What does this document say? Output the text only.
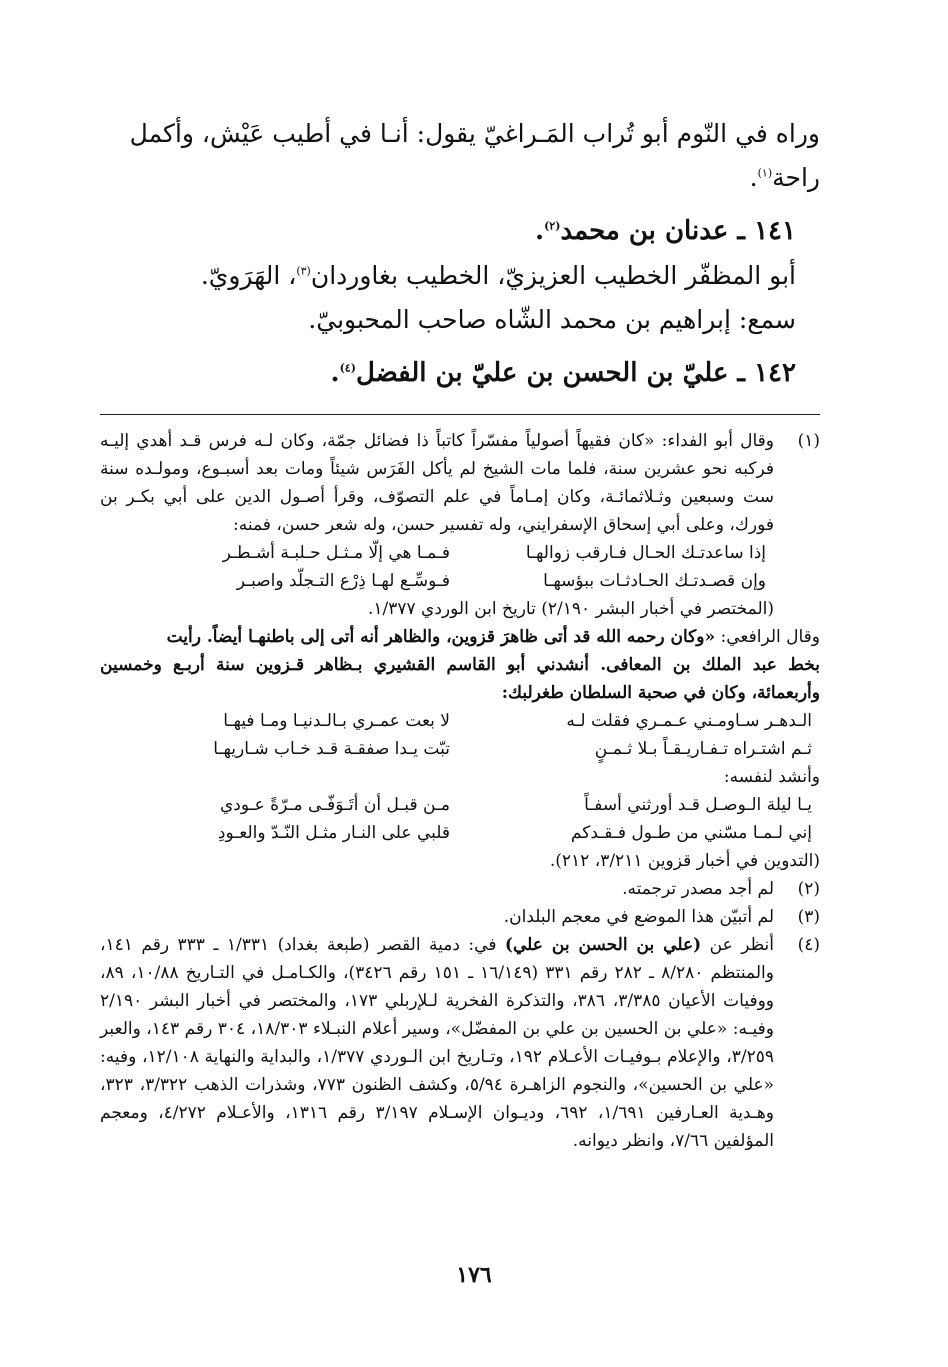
وراه في النّوم أبو تُراب المَـراغيّ يقول: أنـا في أطيب عَيْش، وأكمل

راحة$^{(١)}$.

١٤١ ـ عدنان بن محمد$^{(٢)}$.

أبو المظفّر الخطيب العزيزيّ، الخطيب بغاوردان$^{(٣)}$، الهَرَويّ.

سمع: إبراهيم بن محمد الشّاه صاحب المحبوبيّ.

١٤٢ ـ عليّ بن الحسن بن عليّ بن الفضل$^{(٤)}$.

(١)

وقال أبو الفداء: «كان فقيهاً أصولياً مفسّراً كاتباً ذا فضائل جمّة، وكان لـه فرس قـد أهدي إليـه فركبه نحو عشرين سنة، فلما مات الشيخ لم يأكل الفَرَس شيئاً ومات بعد أسبـوع، ومولـده سنة ست وسبعين وثـلاثمائـة، وكان إمـاماً في علم التصوّف، وقرأ أصـول الدين على أبي بكـر بن فورك، وعلى أبي إسحاق الإسفرايني، وله تفسير حسن، وله شعر حسن، فمنه:

إذا ساعدتـك الحـال فـارقب زوالهـا
فـمـا هي إلّا مـثـل حـلبـة أشـطـر
وإن قصـدتـك الحـادثـات ببؤسهـا
فـوسِّـع لهـا ذِرْع التـجلّد واصبـر

(المختصر في أخبار البشر ٢/١٩٠) تاريخ ابن الوردي ١/٣٧٧.

وقال الرافعي: «وكان رحمه الله قد أتى ظاهرَ قزوين، والظاهر أنه أتى إلى باطنهـا أيضاً. رأيت

بخط عبد الملك بن المعافى. أنشدني أبو القاسم القشيري بـظاهر قـزوين سنة أربـع وخمسين وأربعمائة، وكان في صحبة السلطان طغرلبك:

الـدهـر سـاومـني عـمـري فقلت لـه
لا بعت عمـري بـالـدنيـا ومـا فيهـا
ثـم اشتـراه تـفـاريـقـاً بـلا ثـمـنٍ
تبّت يـدا صفقـة قـد خـاب شـاريهـا

وأنشد لنفسه:

يـا ليلة الـوصـل قـد أورثني أسفـاً
مـن قبـل أن أتَـوَفّـى مـرّةً عـودي
إني لـمـا مسّني من طـول فـقـدكم
قلبي على النـار مثـل النّـدّ والعـودِ

(التدوين في أخبار قزوين ٣/٢١١، ٢١٢).

(٢)

لم أجد مصدر ترجمته.

(٣)

لم أتبيّن هذا الموضع في معجم البلدان.

(٤)

أنظر عن (علي بن الحسن بن علي) في: دمية القصر (طبعة بغداد) ١/٣٣١ ـ ٣٣٣ رقم ١٤١، والمنتظم ٨/٢٨٠ ـ ٢٨٢ رقم ٣٣١ (١٦/١٤٩ ـ ١٥١ رقم ٣٤٢٦)، والكـامـل في التـاريخ ١٠/٨٨، ٨٩، ووفيات الأعيان ٣/٣٨٥، ٣٨٦، والتذكرة الفخرية لـلإربلي ١٧٣، والمختصر في أخبار البشر ٢/١٩٠ وفيـه: «علي بن الحسين بن علي بن المفضّل»، وسير أعلام النبـلاء ١٨/٣٠٣، ٣٠٤ رقم ١٤٣، والعبر ٣/٢٥٩، والإعلام بـوفيـات الأعـلام ١٩٢، وتـاريخ ابن الـوردي ١/٣٧٧، والبداية والنهاية ١٢/١٠٨، وفيه: «علي بن الحسين»، والنجوم الزاهـرة ٥/٩٤، وكشف الظنون ٧٧٣، وشذرات الذهب ٣/٣٢٢، ٣٢٣، وهـدية العـارفين ١/٦٩١، ٦٩٢، وديـوان الإسـلام ٣/١٩٧ رقم ١٣١٦، والأعـلام ٤/٢٧٢، ومعجم المؤلفين ٧/٦٦، وانظر ديوانه.

١٧٦
